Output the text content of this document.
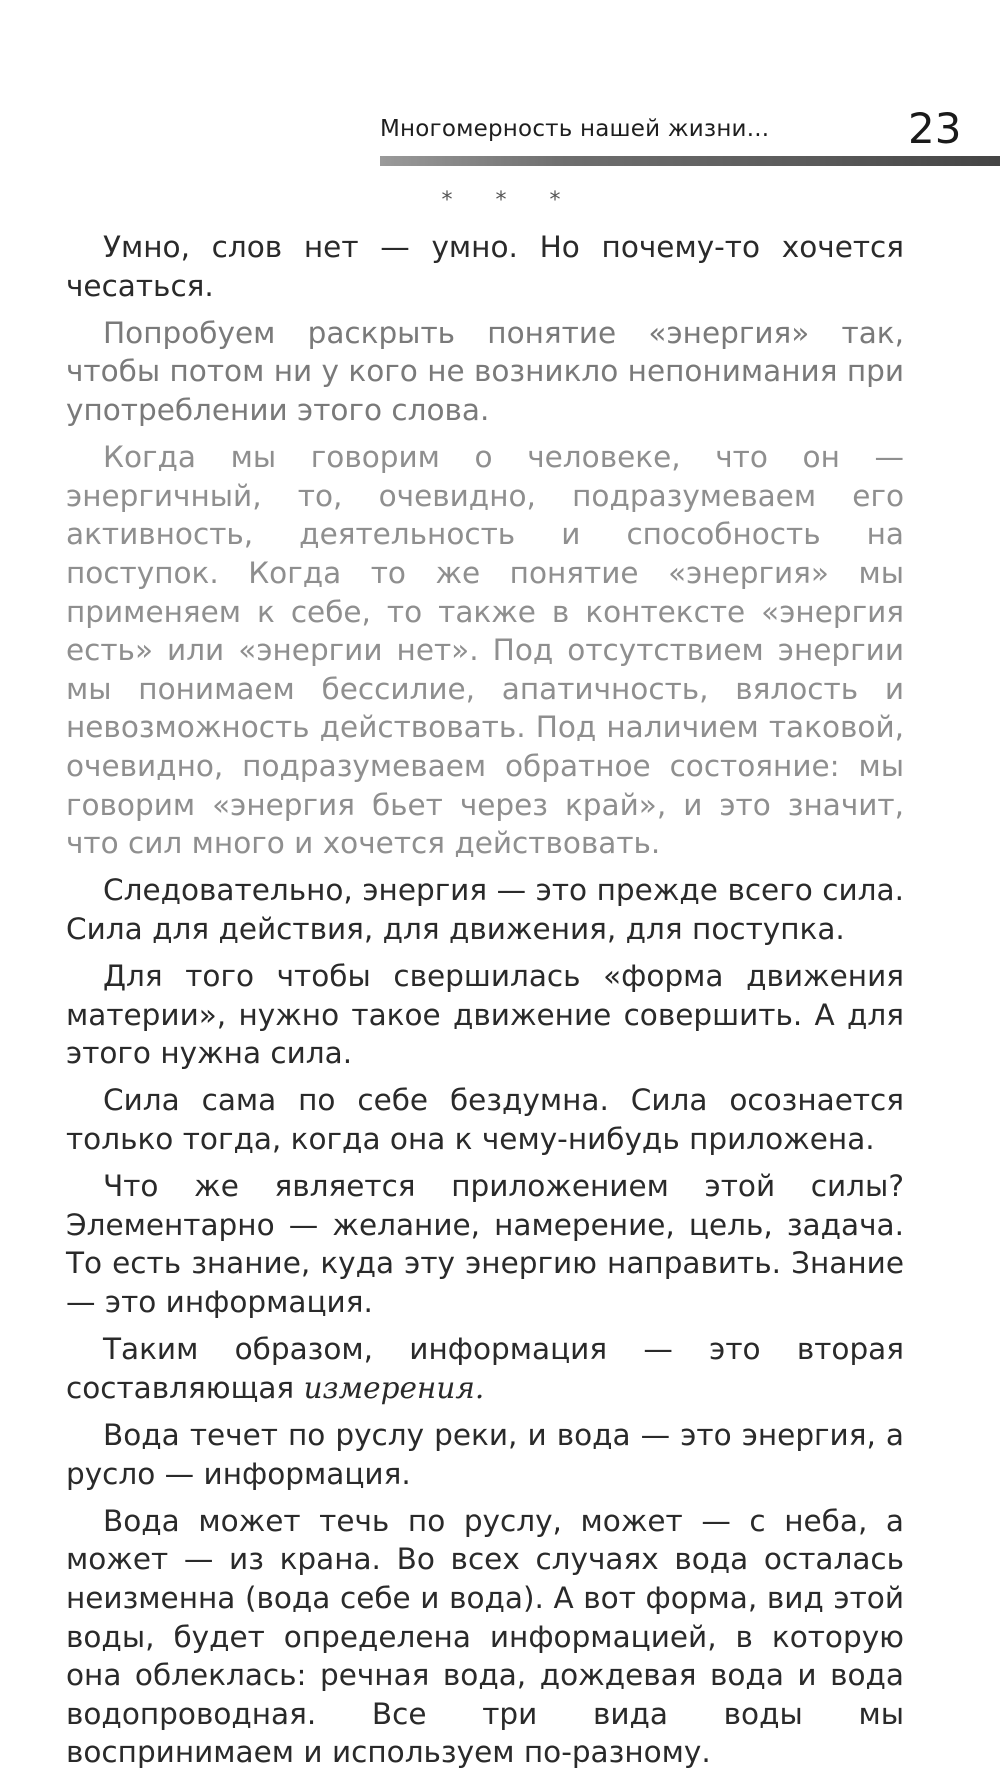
Многомерность нашей жизни...	23
* * *

Умно, слов нет — умно. Но почему-то хочется чесаться.

Попробуем раскрыть понятие «энергия» так, чтобы потом ни у кого не возникло непонимания при употреблении этого слова.

Когда мы говорим о человеке, что он — энергичный, то, очевидно, подразумеваем его активность, деятельность и способность на поступок. Когда то же понятие «энергия» мы применяем к себе, то также в контексте «энергия есть» или «энергии нет». Под отсутствием энергии мы понимаем бессилие, апатичность, вялость и невозможность действовать. Под наличием таковой, очевидно, подразумеваем обратное состояние: мы говорим «энергия бьет через край», и это значит, что сил много и хочется действовать.

Следовательно, энергия — это прежде всего сила. Сила для действия, для движения, для поступка.

Для того чтобы свершилась «форма движения материи», нужно такое движение совершить. А для этого нужна сила.

Сила сама по себе бездумна. Сила осознается только тогда, когда она к чему-нибудь приложена.

Что же является приложением этой силы? Элементарно — желание, намерение, цель, задача. То есть знание, куда эту энергию направить. Знание — это информация.

Таким образом, информация — это вторая составляющая измерения.

Вода течет по руслу реки, и вода — это энергия, а русло — информация.

Вода может течь по руслу, может — с неба, а может — из крана. Во всех случаях вода осталась неизменна (вода себе и вода). А вот форма, вид этой воды, будет определена информацией, в которую она облеклась: речная вода, дождевая вода и вода водопроводная. Все три вида воды мы воспринимаем и используем по-разному.
